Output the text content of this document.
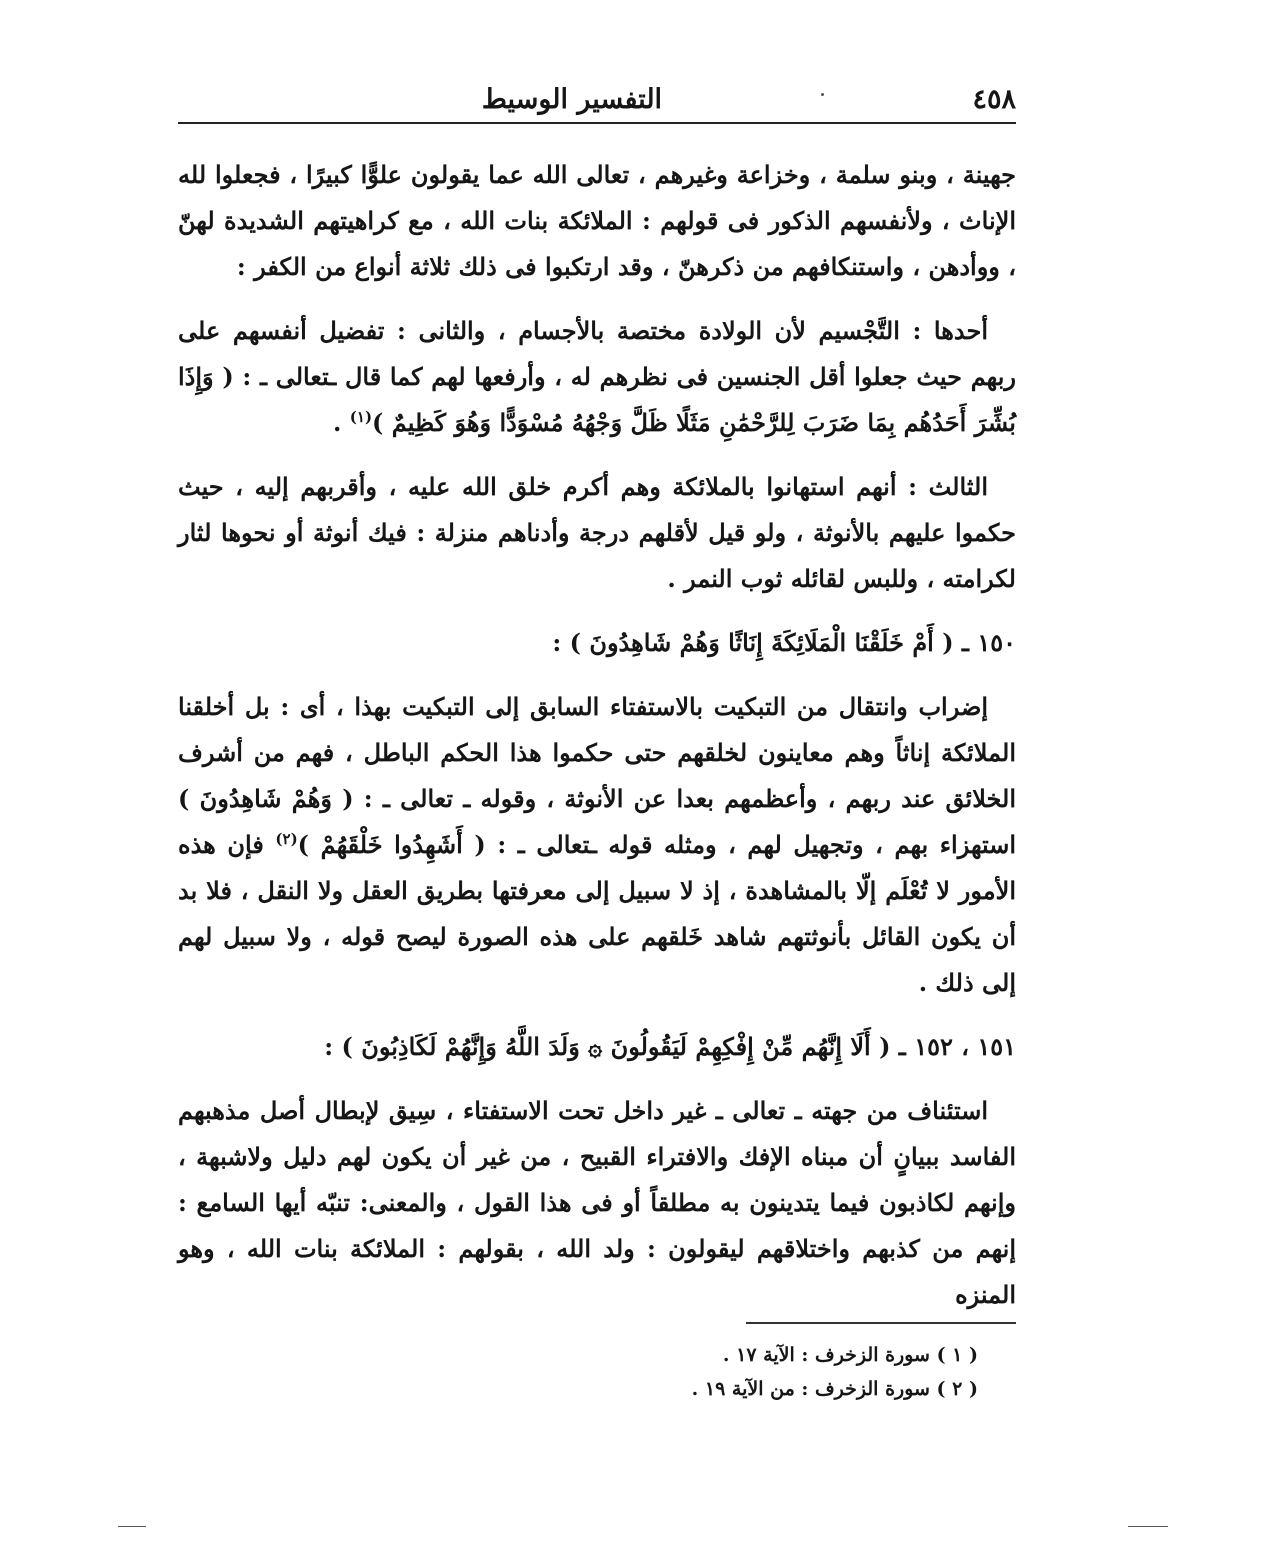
٤٥٨
التفسير الوسيط

جهينة ، وبنو سلمة ، وخزاعة وغيرهم ، تعالى الله عما يقولون علوًّا كبيرًا ، فجعلوا لله الإناث ، ولأنفسهم الذكور فى قولهم : الملائكة بنات الله ، مع كراهيتهم الشديدة لهنّ ، ووأدهن ، واستنكافهم من ذكرهنّ ، وقد ارتكبوا فى ذلك ثلاثة أنواع من الكفر :

أحدها : التَّجْسيم لأن الولادة مختصة بالأجسام ، والثانى : تفضيل أنفسهم على ربهم حيث جعلوا أقل الجنسين فى نظرهم له ، وأرفعها لهم كما قال ـتعالى ـ : ( وَإِذَا بُشِّرَ أَحَدُهُم بِمَا ضَرَبَ لِلرَّحْمَٰنِ مَثَلًا ظَلَّ وَجْهُهُ مُسْوَدًّا وَهُوَ كَظِيمٌ )$^{(١)}$ .

الثالث : أنهم استهانوا بالملائكة وهم أكرم خلق الله عليه ، وأقربهم إليه ، حيث حكموا عليهم بالأنوثة ، ولو قيل لأقلهم درجة وأدناهم منزلة : فيك أنوثة أو نحوها لثار لكرامته ، وللبس لقائله ثوب النمر .

١٥٠ ـ ( أَمْ خَلَقْنَا الْمَلَائِكَةَ إِنَاثًا وَهُمْ شَاهِدُونَ ) :

إضراب وانتقال من التبكيت بالاستفتاء السابق إلى التبكيت بهذا ، أى : بل أخلقنا الملائكة إناثاً وهم معاينون لخلقهم حتى حكموا هذا الحكم الباطل ، فهم من أشرف الخلائق عند ربهم ، وأعظمهم بعدا عن الأنوثة ، وقوله ـ تعالى ـ : ( وَهُمْ شَاهِدُونَ ) استهزاء بهم ، وتجهيل لهم ، ومثله قوله ـتعالى ـ : ( أَشَهِدُوا خَلْقَهُمْ )$^{(٢)}$ فإن هذه الأمور لا تُعْلَم إلّا بالمشاهدة ، إذ لا سبيل إلى معرفتها بطريق العقل ولا النقل ، فلا بد أن يكون القائل بأنوثتهم شاهد خَلقهم على هذه الصورة ليصح قوله ، ولا سبيل لهم إلى ذلك .

١٥١ ، ١٥٢ ـ ( أَلَا إِنَّهُم مِّنْ إِفْكِهِمْ لَيَقُولُونَ ۞ وَلَدَ اللَّهُ وَإِنَّهُمْ لَكَاذِبُونَ ) :

استئناف من جهته ـ تعالى ـ غير داخل تحت الاستفتاء ، سِيق لإبطال أصل مذهبهم الفاسد ببيانٍ أن مبناه الإفك والافتراء القبيح ، من غير أن يكون لهم دليل ولاشبهة ، وإنهم لكاذبون فيما يتدينون به مطلقاً أو فى هذا القول ، والمعنى: تنبّه أيها السامع : إنهم من كذبهم واختلاقهم ليقولون : ولد الله ، بقولهم : الملائكة بنات الله ، وهو المنزه

( ١ ) سورة الزخرف : الآية ١٧ .

( ٢ ) سورة الزخرف : من الآية ١٩ .
